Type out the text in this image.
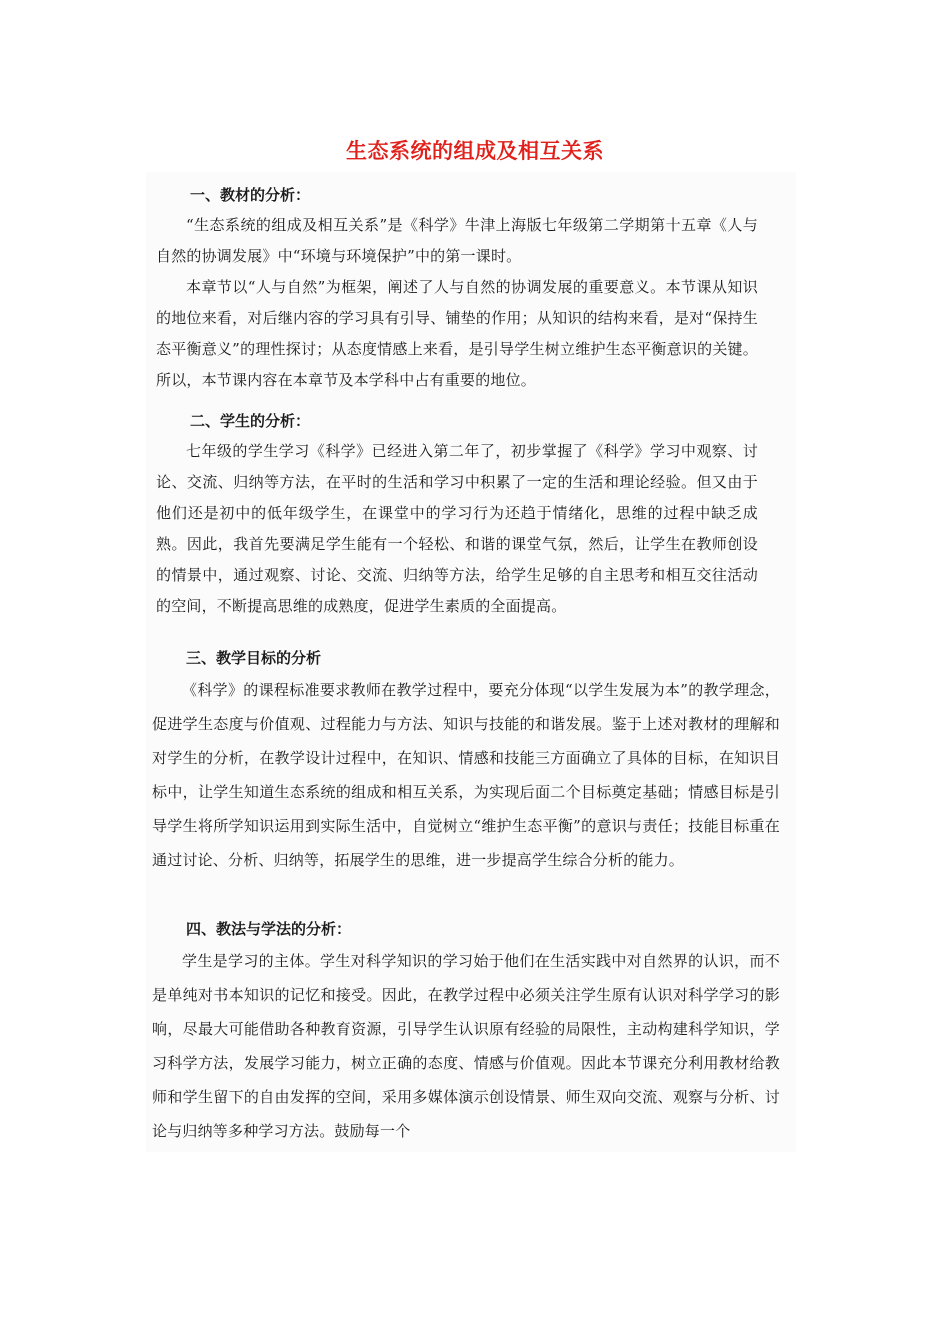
生态系统的组成及相互关系
一、教材的分析：

“生态系统的组成及相互关系”是《科学》牛津上海版七年级第二学期第十五章《人与自然的协调发展》中“环境与环境保护”中的第一课时。

本章节以“人与自然”为框架，阐述了人与自然的协调发展的重要意义。本节课从知识的地位来看，对后继内容的学习具有引导、铺垫的作用；从知识的结构来看，是对“保持生态平衡意义”的理性探讨；从态度情感上来看，是引导学生树立维护生态平衡意识的关键。所以，本节课内容在本章节及本学科中占有重要的地位。

二、学生的分析：

七年级的学生学习《科学》已经进入第二年了，初步掌握了《科学》学习中观察、讨论、交流、归纳等方法，在平时的生活和学习中积累了一定的生活和理论经验。但又由于他们还是初中的低年级学生，在课堂中的学习行为还趋于情绪化，思维的过程中缺乏成熟。因此，我首先要满足学生能有一个轻松、和谐的课堂气氛，然后，让学生在教师创设的情景中，通过观察、讨论、交流、归纳等方法，给学生足够的自主思考和相互交往活动的空间，不断提高思维的成熟度，促进学生素质的全面提高。

三、教学目标的分析

《科学》的课程标准要求教师在教学过程中，要充分体现“以学生发展为本”的教学理念，促进学生态度与价值观、过程能力与方法、知识与技能的和谐发展。鉴于上述对教材的理解和对学生的分析，在教学设计过程中，在知识、情感和技能三方面确立了具体的目标，在知识目标中，让学生知道生态系统的组成和相互关系，为实现后面二个目标奠定基础；情感目标是引导学生将所学知识运用到实际生活中，自觉树立“维护生态平衡”的意识与责任；技能目标重在通过讨论、分析、归纳等，拓展学生的思维，进一步提高学生综合分析的能力。

四、教法与学法的分析：

学生是学习的主体。学生对科学知识的学习始于他们在生活实践中对自然界的认识，而不是单纯对书本知识的记忆和接受。因此，在教学过程中必须关注学生原有认识对科学学习的影响，尽最大可能借助各种教育资源，引导学生认识原有经验的局限性，主动构建科学知识，学习科学方法，发展学习能力，树立正确的态度、情感与价值观。因此本节课充分利用教材给教师和学生留下的自由发挥的空间，采用多媒体演示创设情景、师生双向交流、观察与分析、讨论与归纳等多种学习方法。鼓励每一个
